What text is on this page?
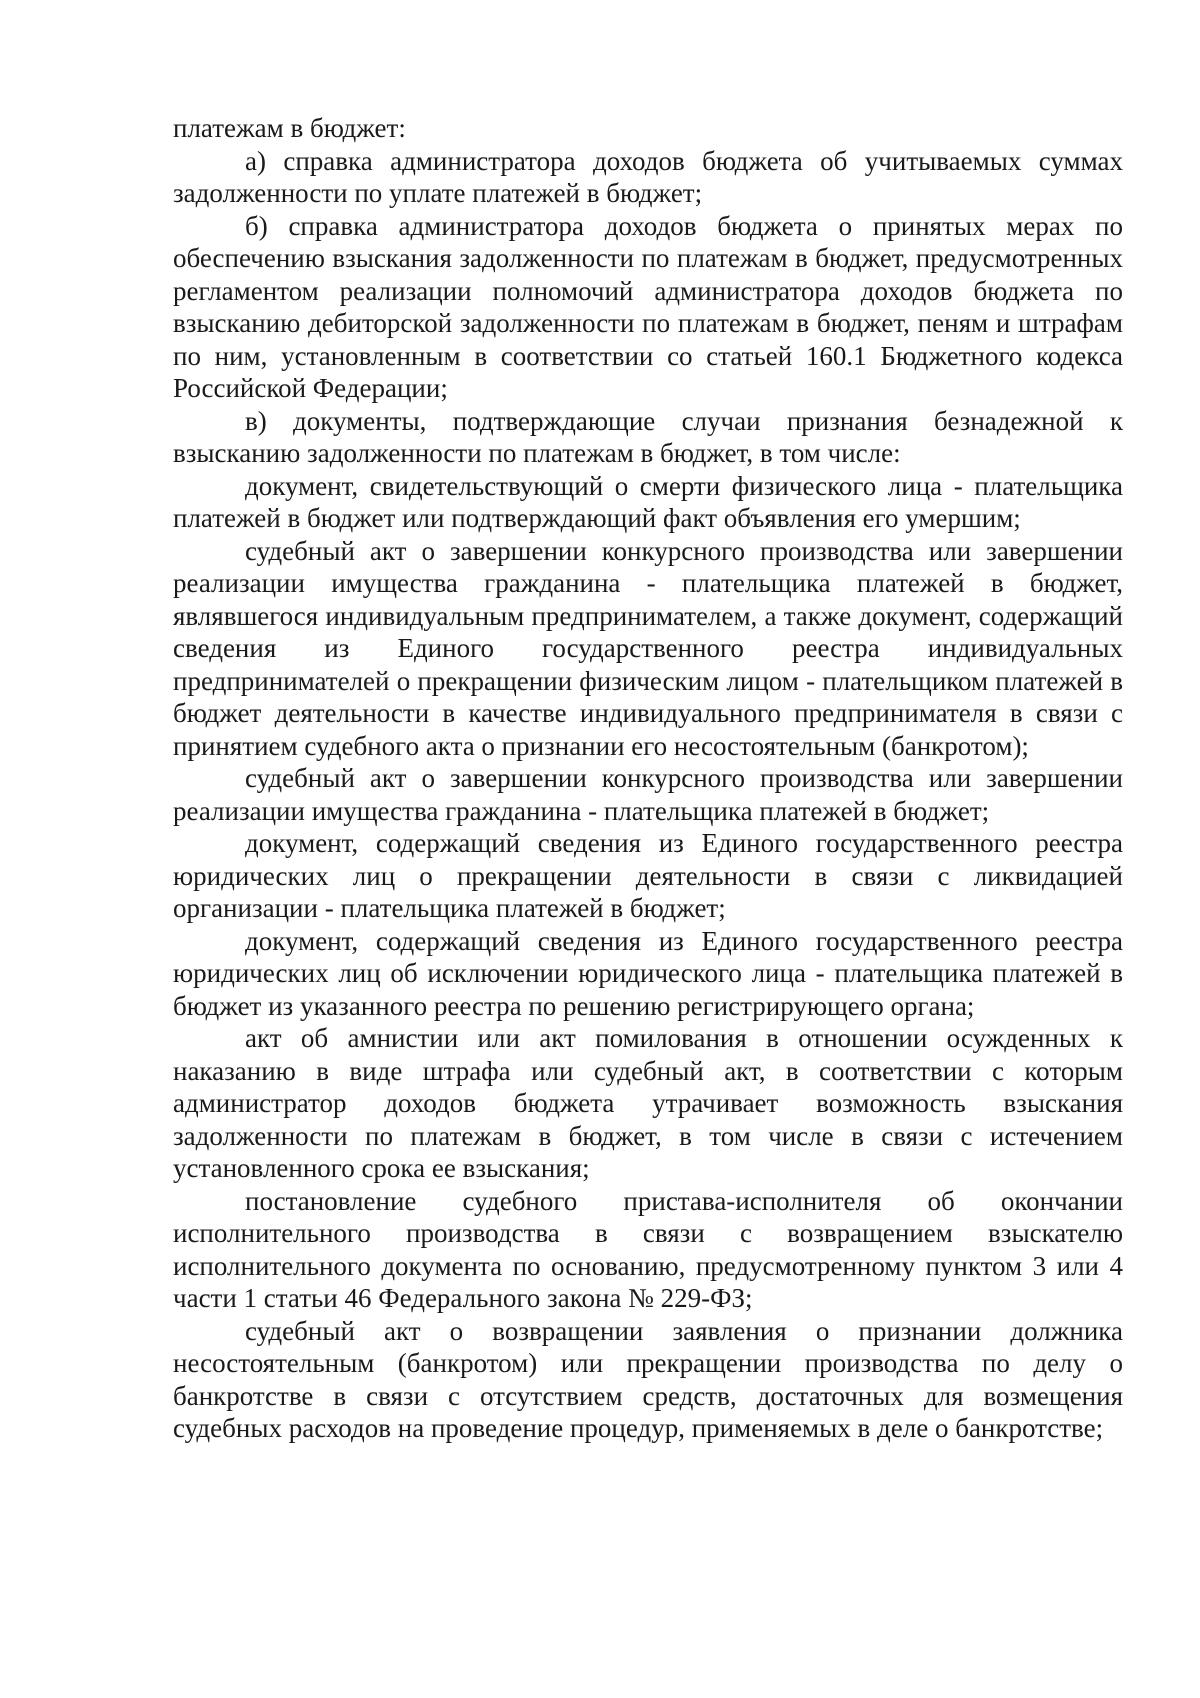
платежам в бюджет:

а) справка администратора доходов бюджета об учитываемых суммах задолженности по уплате платежей в бюджет;

б) справка администратора доходов бюджета о принятых мерах по обеспечению взыскания задолженности по платежам в бюджет, предусмотренных регламентом реализации полномочий администратора доходов бюджета по взысканию дебиторской задолженности по платежам в бюджет, пеням и штрафам по ним, установленным в соответствии со статьей 160.1 Бюджетного кодекса Российской Федерации;

в) документы, подтверждающие случаи признания безнадежной к взысканию задолженности по платежам в бюджет, в том числе:

документ, свидетельствующий о смерти физического лица - плательщика платежей в бюджет или подтверждающий факт объявления его умершим;

судебный акт о завершении конкурсного производства или завершении реализации имущества гражданина - плательщика платежей в бюджет, являвшегося индивидуальным предпринимателем, а также документ, содержащий сведения из Единого государственного реестра индивидуальных предпринимателей о прекращении физическим лицом - плательщиком платежей в бюджет деятельности в качестве индивидуального предпринимателя в связи с принятием судебного акта о признании его несостоятельным (банкротом);

судебный акт о завершении конкурсного производства или завершении реализации имущества гражданина - плательщика платежей в бюджет;

документ, содержащий сведения из Единого государственного реестра юридических лиц о прекращении деятельности в связи с ликвидацией организации - плательщика платежей в бюджет;

документ, содержащий сведения из Единого государственного реестра юридических лиц об исключении юридического лица - плательщика платежей в бюджет из указанного реестра по решению регистрирующего органа;

акт об амнистии или акт помилования в отношении осужденных к наказанию в виде штрафа или судебный акт, в соответствии с которым администратор доходов бюджета утрачивает возможность взыскания задолженности по платежам в бюджет, в том числе в связи с истечением установленного срока ее взыскания;

постановление судебного пристава-исполнителя об окончании исполнительного производства в связи с возвращением взыскателю исполнительного документа по основанию, предусмотренному пунктом 3 или 4 части 1 статьи 46 Федерального закона № 229-ФЗ;

судебный акт о возвращении заявления о признании должника несостоятельным (банкротом) или прекращении производства по делу о банкротстве в связи с отсутствием средств, достаточных для возмещения судебных расходов на проведение процедур, применяемых в деле о банкротстве;
